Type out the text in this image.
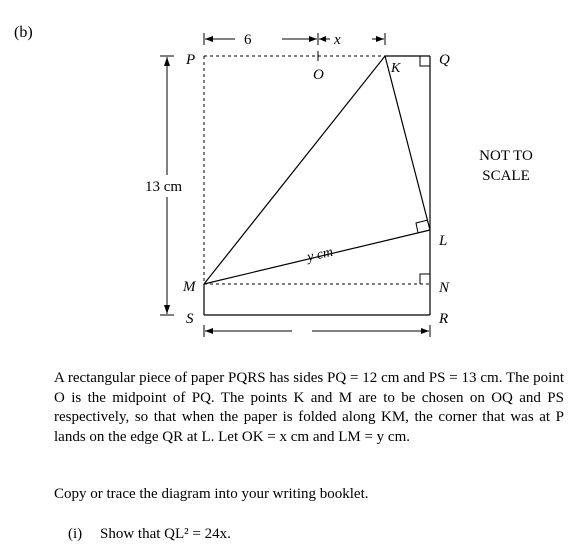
(b)	6	x
13 cm
y cm
P
O	K
Q
L
M	N
S	R
NOT TO SCALE
A rectangular piece of paper PQRS has sides PQ = 12 cm and PS = 13 cm. The point O is the midpoint of PQ. The points K and M are to be chosen on OQ and PS respectively, so that when the paper is folded along KM, the corner that was at P lands on the edge QR at L. Let OK = x cm and LM = y cm.
Copy or trace the diagram into your writing booklet.
(i) Show that QL² = 24x.
